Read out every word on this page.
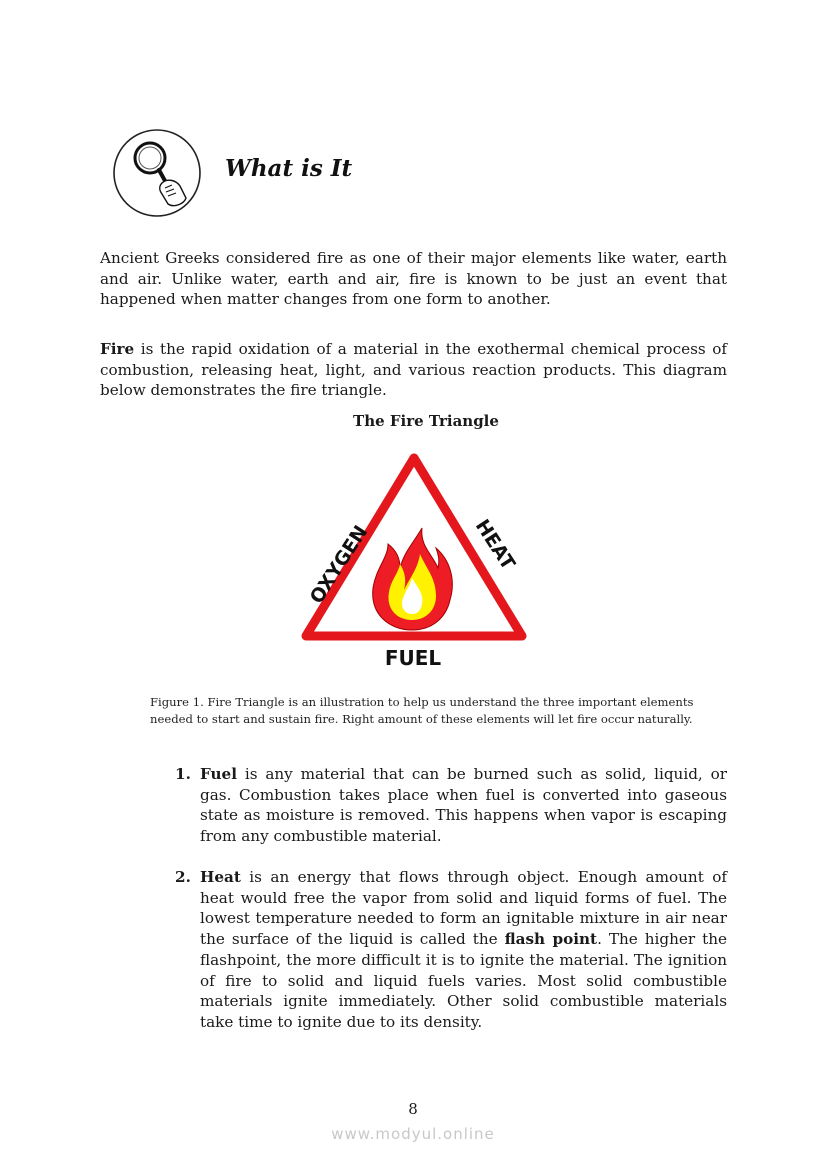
What is It
Ancient Greeks considered fire as one of their major elements like water, earth and air. Unlike water, earth and air, fire is known to be just an event that happened when matter changes from one form to another.
Fire is the rapid oxidation of a material in the exothermal chemical process of combustion, releasing heat, light, and various reaction products. This diagram below demonstrates the fire triangle.
The Fire Triangle
OXYGEN	HEAT
FUEL
Figure 1. Fire Triangle is an illustration to help us understand the three important elements needed to start and sustain fire. Right amount of these elements will let fire occur naturally.
1. Fuel is any material that can be burned such as solid, liquid, or gas. Combustion takes place when fuel is converted into gaseous state as moisture is removed. This happens when vapor is escaping from any combustible material.
2. Heat is an energy that flows through object. Enough amount of heat would free the vapor from solid and liquid forms of fuel. The lowest temperature needed to form an ignitable mixture in air near the surface of the liquid is called the flash point. The higher the flashpoint, the more difficult it is to ignite the material. The ignition of fire to solid and liquid fuels varies. Most solid combustible materials ignite immediately. Other solid combustible materials take time to ignite due to its density.
8
www.modyul.online
